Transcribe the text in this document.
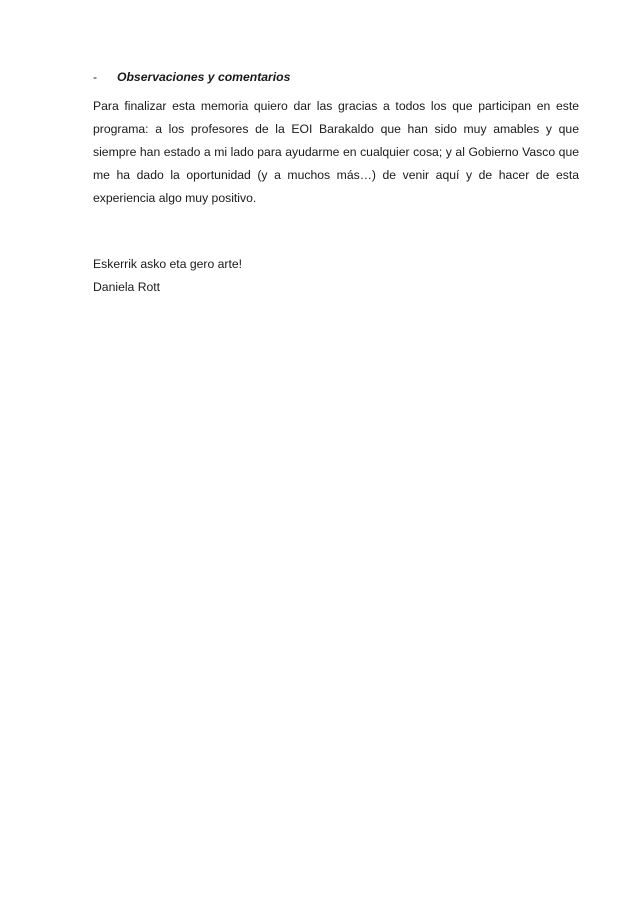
-	Observaciones y comentarios

Para finalizar esta memoria quiero dar las gracias a todos los que participan en este programa: a los profesores de la EOI Barakaldo que han sido muy amables y que siempre han estado a mi lado para ayudarme en cualquier cosa; y al Gobierno Vasco que me ha dado la oportunidad (y a muchos más…) de venir aquí y de hacer de esta experiencia algo muy positivo.

Eskerrik asko eta gero arte!

Daniela Rott
